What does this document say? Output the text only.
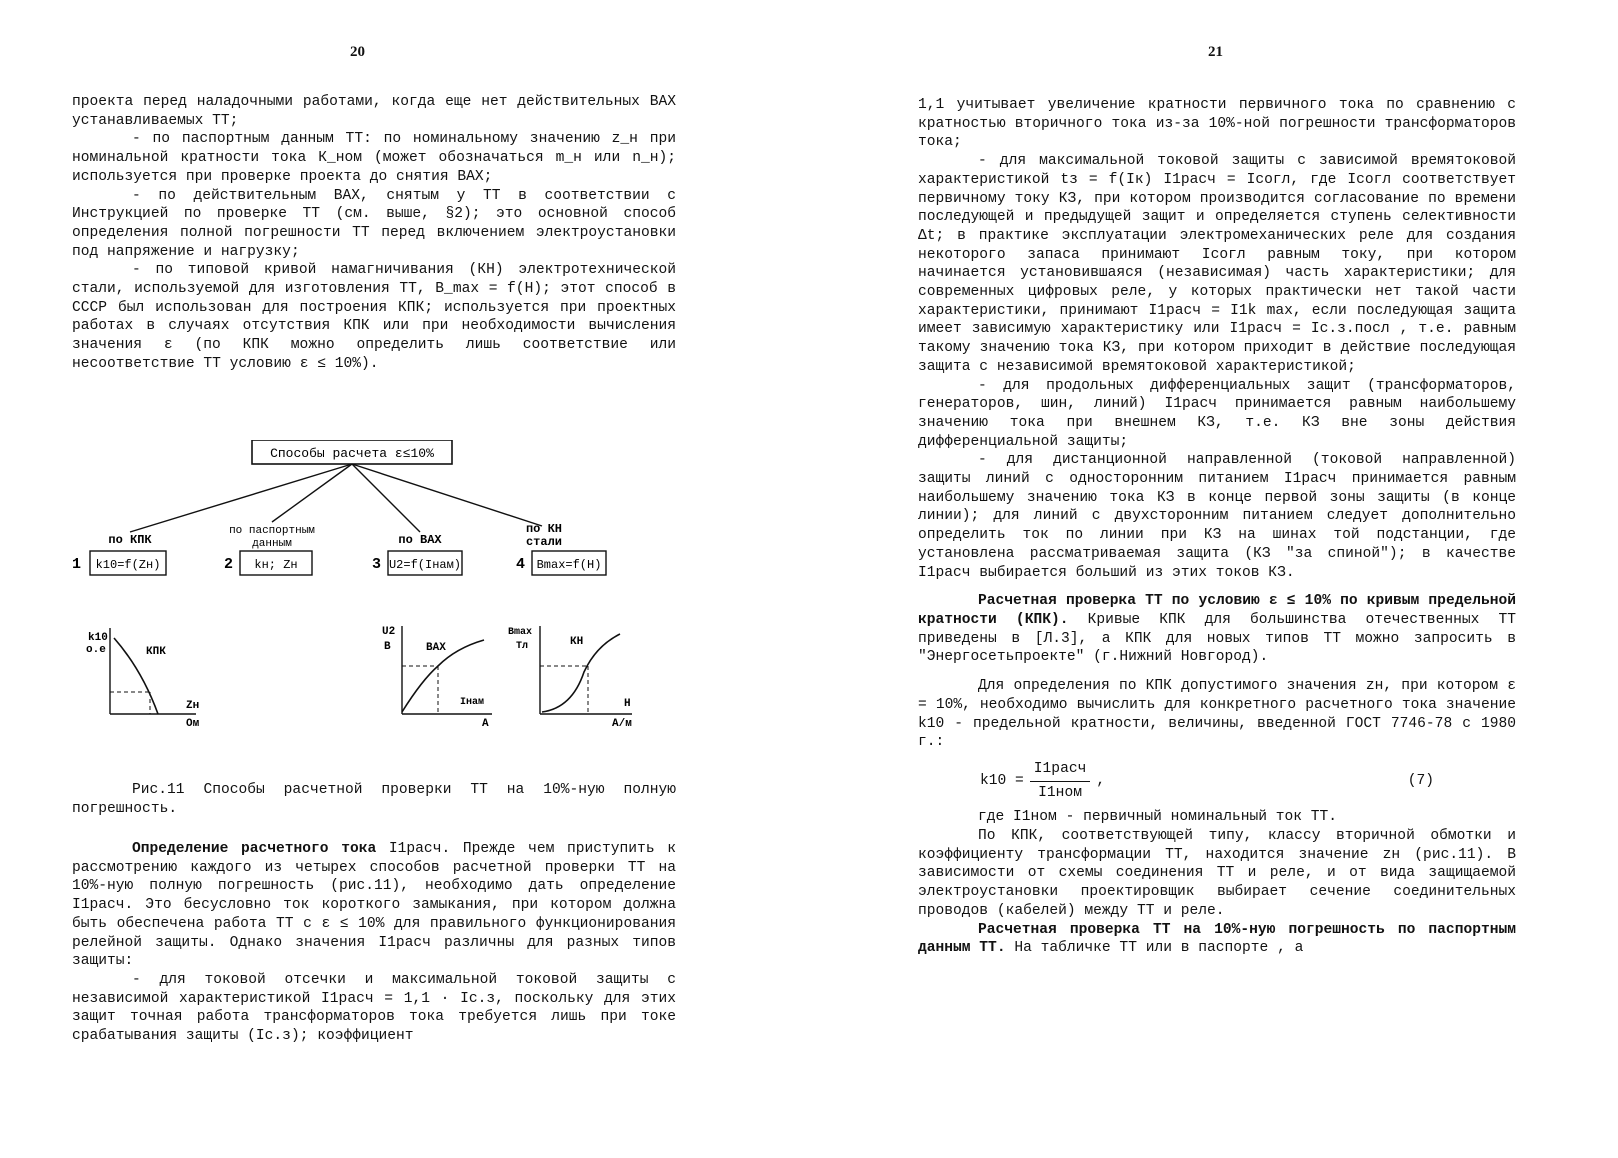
20

проекта перед наладочными работами, когда еще нет действительных ВАХ устанавливаемых ТТ;

- по паспортным данным ТТ: по номинальному значению z_н при номинальной кратности тока К_ном (может обозначаться m_н или n_н); используется при проверке проекта до снятия ВАХ;

- по действительным ВАХ, снятым у ТТ в соответствии с Инструкцией по проверке ТТ (см. выше, §2); это основной способ определения полной погрешности ТТ перед включением электроустановки под напряжение и нагрузку;

- по типовой кривой намагничивания (КН) электротехнической стали, используемой для изготовления ТТ, B_max = f(H); этот способ в СССР был использован для построения КПК; используется при проектных работах в случаях отсутствия КПК или при необходимости вычисления значения ε (по КПК можно определить лишь соответствие или несоответствие ТТ условию ε ≤ 10%).

Способы расчета ε≤10%
по КПК
1 k10=f(Zн)
по паспортным
данным
2 kн; Zн
по ВАХ
3 U2=f(Iнам)
по КН
стали
4 Bmax=f(H)
k10
о.е	КПК
Zн
Ом
U2
В	ВАХ
Iнам
А
Bmax
Тл	КН
Н
А/м
Рис.11 Способы расчетной проверки ТТ на 10%-ную полную погрешность.

Определение расчетного тока I1расч. Прежде чем приступить к рассмотрению каждого из четырех способов расчетной проверки ТТ на 10%-ную полную погрешность (рис.11), необходимо дать определение I1расч. Это бесусловно ток короткого замыкания, при котором должна быть обеспечена работа ТТ с ε ≤ 10% для правильного функционирования релейной защиты. Однако значения I1расч различны для разных типов защиты:

- для токовой отсечки и максимальной токовой защиты с независимой характеристикой I1расч = 1,1 · Iс.з, поскольку для этих защит точная работа трансформаторов тока требуется лишь при токе срабатывания защиты (Iс.з); коэффициент

21

1,1 учитывает увеличение кратности первичного тока по сравнению с кратностью вторичного тока из-за 10%-ной погрешности трансформаторов тока;

- для максимальной токовой защиты с зависимой времятоковой характеристикой tз = f(Iк) I1расч = Iсогл, где Iсогл соответствует первичному току КЗ, при котором производится согласование по времени последующей и предыдущей защит и определяется ступень селективности Δt; в практике эксплуатации электромеханических реле для создания некоторого запаса принимают Iсогл равным току, при котором начинается установившаяся (независимая) часть характеристики; для современных цифровых реле, у которых практически нет такой части характеристики, принимают I1расч = I1k max, если последующая защита имеет зависимую характеристику или I1расч = Iс.з.посл , т.е. равным такому значению тока КЗ, при котором приходит в действие последующая защита с независимой времятоковой характеристикой;

- для продольных дифференциальных защит (трансформаторов, генераторов, шин, линий) I1расч принимается равным наибольшему значению тока при внешнем КЗ, т.е. КЗ вне зоны действия дифференциальной защиты;

- для дистанционной направленной (токовой направленной) защиты линий с односторонним питанием I1расч принимается равным наибольшему значению тока КЗ в конце первой зоны защиты (в конце линии); для линий с двухсторонним питанием следует дополнительно определить ток по линии при КЗ на шинах той подстанции, где установлена рассматриваемая защита (КЗ "за спиной"); в качестве I1расч выбирается больший из этих токов КЗ.

Расчетная проверка ТТ по условию ε ≤ 10% по кривым предельной кратности (КПК). Кривые КПК для большинства отечественных ТТ приведены в [Л.3], а КПК для новых типов ТТ можно запросить в "Энергосетьпроекте" (г.Нижний Новгород).

Для определения по КПК допустимого значения zн, при котором ε = 10%, необходимо вычислить для конкретного расчетного тока значение k10 - предельной кратности, величины, введенной ГОСТ 7746-78 с 1980 г.:

$k10 = \frac{\text{I1расч}}{\text{I1ном}}$ ,	(7)

где I1ном - первичный номинальный ток ТТ.

По КПК, соответствующей типу, классу вторичной обмотки и коэффициенту трансформации ТТ, находится значение zн (рис.11). В зависимости от схемы соединения ТТ и реле, и от вида защищаемой электроустановки проектировщик выбирает сечение соединительных проводов (кабелей) между ТТ и реле.

Расчетная проверка ТТ на 10%-ную погрешность по паспортным данным ТТ. На табличке ТТ или в паспорте , а
